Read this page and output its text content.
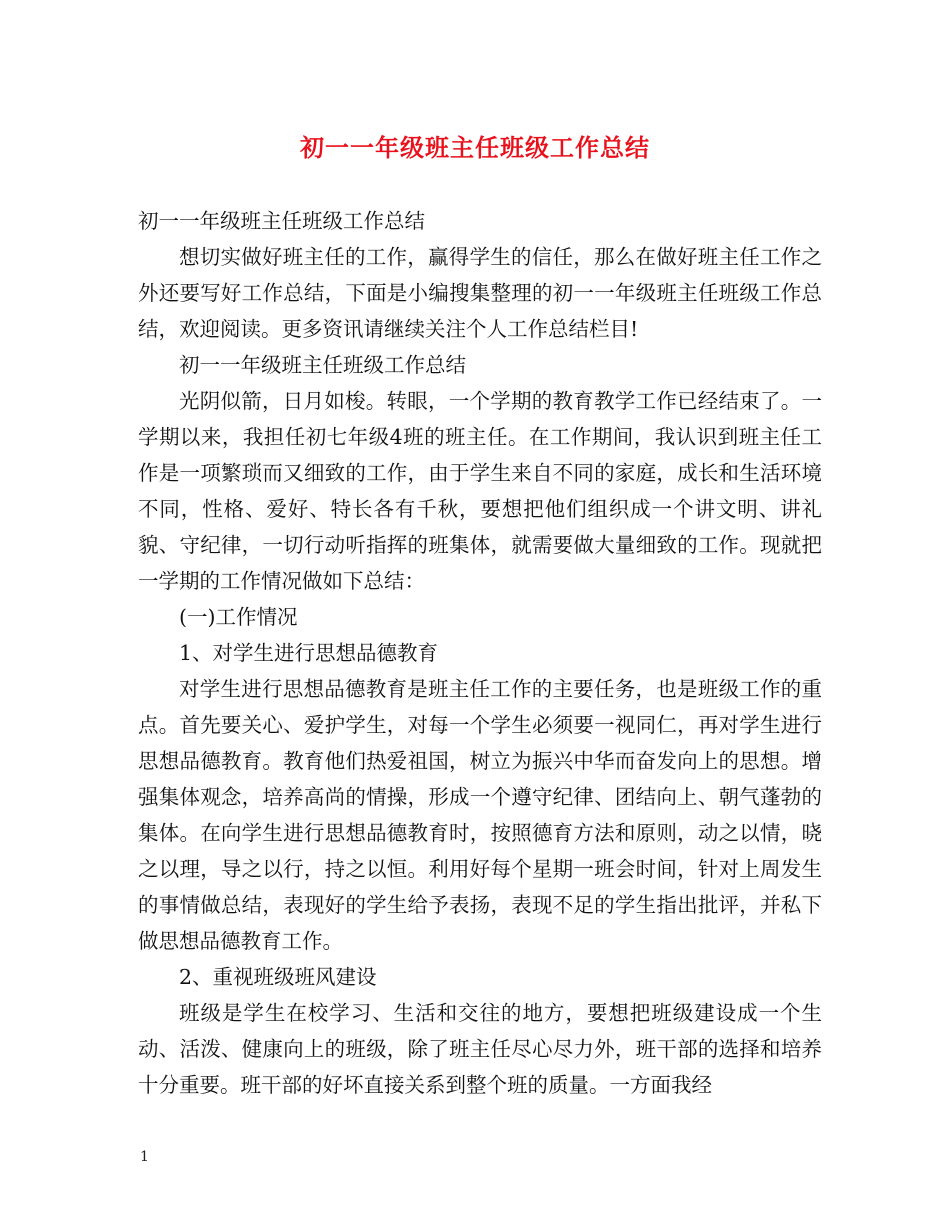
初一一年级班主任班级工作总结

初一一年级班主任班级工作总结

想切实做好班主任的工作，赢得学生的信任，那么在做好班主任工作之外还要写好工作总结，下面是小编搜集整理的初一一年级班主任班级工作总结，欢迎阅读。更多资讯请继续关注个人工作总结栏目!

初一一年级班主任班级工作总结

光阴似箭，日月如梭。转眼，一个学期的教育教学工作已经结束了。一学期以来，我担任初七年级4班的班主任。在工作期间，我认识到班主任工作是一项繁琐而又细致的工作，由于学生来自不同的家庭，成长和生活环境不同，性格、爱好、特长各有千秋，要想把他们组织成一个讲文明、讲礼貌、守纪律，一切行动听指挥的班集体，就需要做大量细致的工作。现就把一学期的工作情况做如下总结：

(一)工作情况

1、对学生进行思想品德教育

对学生进行思想品德教育是班主任工作的主要任务，也是班级工作的重点。首先要关心、爱护学生，对每一个学生必须要一视同仁，再对学生进行思想品德教育。教育他们热爱祖国，树立为振兴中华而奋发向上的思想。增强集体观念，培养高尚的情操，形成一个遵守纪律、团结向上、朝气蓬勃的集体。在向学生进行思想品德教育时，按照德育方法和原则，动之以情，晓之以理，导之以行，持之以恒。利用好每个星期一班会时间，针对上周发生的事情做总结，表现好的学生给予表扬，表现不足的学生指出批评，并私下做思想品德教育工作。

2、重视班级班风建设

班级是学生在校学习、生活和交往的地方，要想把班级建设成一个生动、活泼、健康向上的班级，除了班主任尽心尽力外，班干部的选择和培养十分重要。班干部的好坏直接关系到整个班的质量。一方面我经

1
